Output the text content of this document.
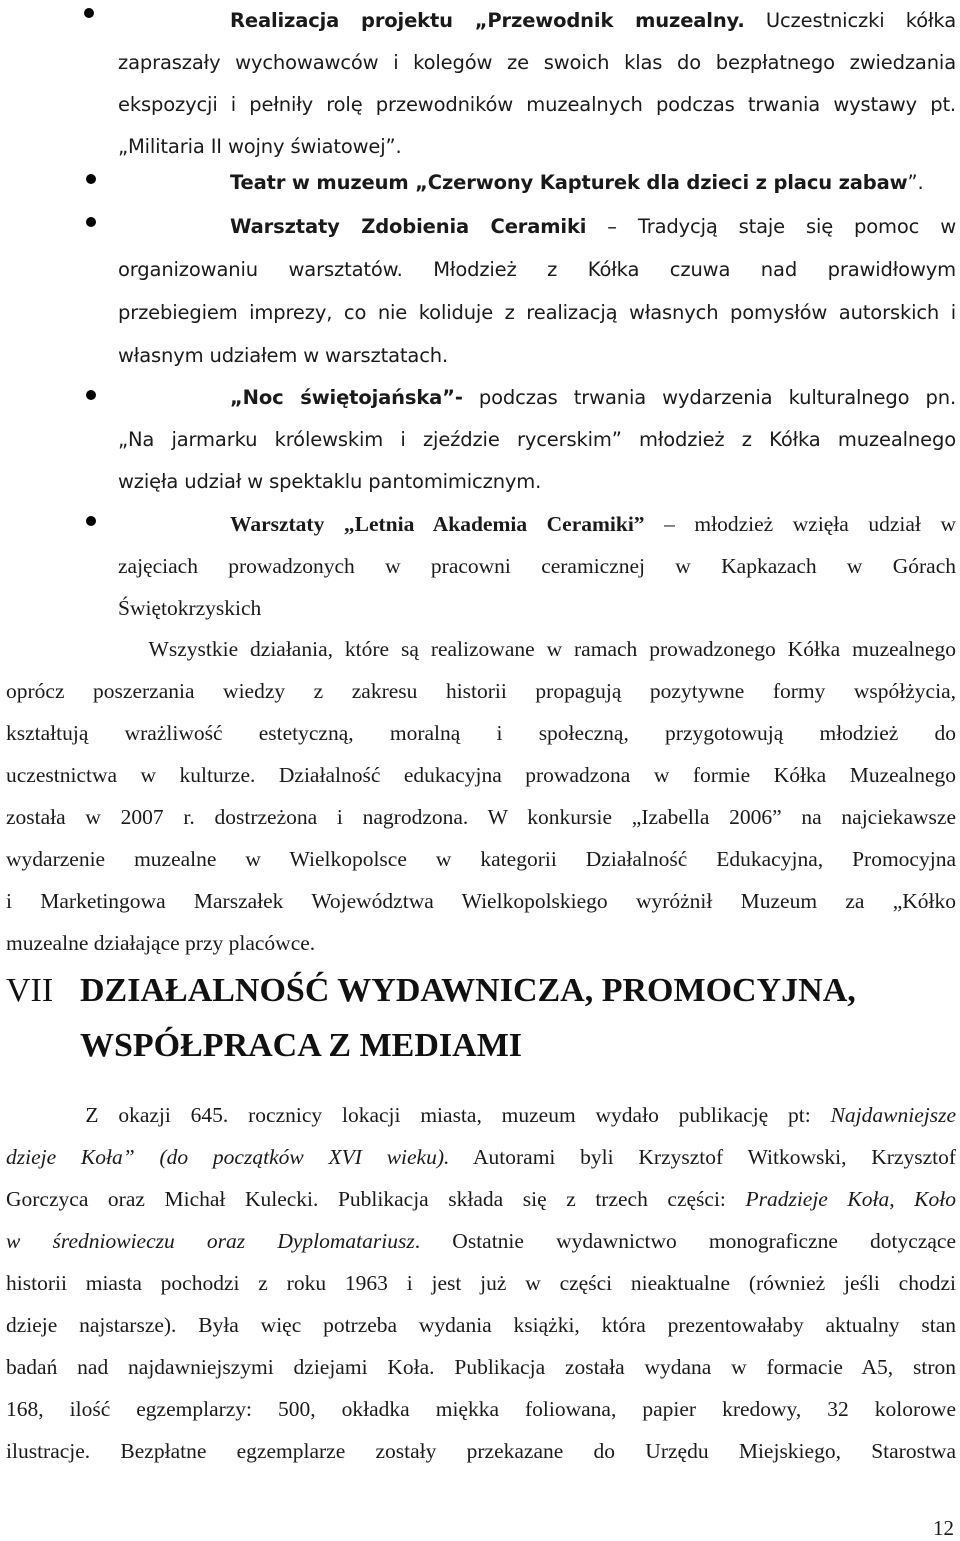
Realizacja projektu „Przewodnik muzealny. Uczestniczki kółka
zapraszały wychowawców i kolegów ze swoich klas do bezpłatnego zwiedzania
ekspozycji i pełniły rolę przewodników muzealnych podczas trwania wystawy pt.
„Militaria II wojny światowej”.
Teatr w muzeum „Czerwony Kapturek dla dzieci z placu zabaw”.
Warsztaty Zdobienia Ceramiki – Tradycją staje się pomoc w
organizowaniu warsztatów. Młodzież z Kółka czuwa nad prawidłowym
przebiegiem imprezy, co nie koliduje z realizacją własnych pomysłów autorskich i
własnym udziałem w warsztatach.
„Noc świętojańska”- podczas trwania wydarzenia kulturalnego pn.
„Na jarmarku królewskim i zjeździe rycerskim” młodzież z Kółka muzealnego
wzięła udział w spektaklu pantomimicznym.
Warsztaty „Letnia Akademia Ceramiki” – młodzież wzięła udział w
zajęciach prowadzonych w pracowni ceramicznej w Kapkazach w Górach
Świętokrzyskich
Wszystkie działania, które są realizowane w ramach prowadzonego Kółka muzealnego
oprócz poszerzania wiedzy z zakresu historii propagują pozytywne formy współżycia,
kształtują wrażliwość estetyczną, moralną i społeczną, przygotowują młodzież do
uczestnictwa w kulturze. Działalność edukacyjna prowadzona w formie Kółka Muzealnego
została w 2007 r. dostrzeżona i nagrodzona. W konkursie „Izabella 2006” na najciekawsze
wydarzenie muzealne w Wielkopolsce w kategorii Działalność Edukacyjna, Promocyjna
i Marketingowa Marszałek Województwa Wielkopolskiego wyróżnił Muzeum za „Kółko
muzealne działające przy placówce.
VII DZIAŁALNOŚĆ WYDAWNICZA, PROMOCYJNA,
WSPÓŁPRACA Z MEDIAMI
Z okazji 645. rocznicy lokacji miasta, muzeum wydało publikację pt: Najdawniejsze
dzieje Koła” (do początków XVI wieku). Autorami byli Krzysztof Witkowski, Krzysztof
Gorczyca oraz Michał Kulecki. Publikacja składa się z trzech części: Pradzieje Koła, Koło
w średniowieczu oraz Dyplomatariusz. Ostatnie wydawnictwo monograficzne dotyczące
historii miasta pochodzi z roku 1963 i jest już w części nieaktualne (również jeśli chodzi
dzieje najstarsze). Była więc potrzeba wydania książki, która prezentowałaby aktualny stan
badań nad najdawniejszymi dziejami Koła. Publikacja została wydana w formacie A5, stron
168, ilość egzemplarzy: 500, okładka miękka foliowana, papier kredowy, 32 kolorowe
ilustracje. Bezpłatne egzemplarze zostały przekazane do Urzędu Miejskiego, Starostwa
12
